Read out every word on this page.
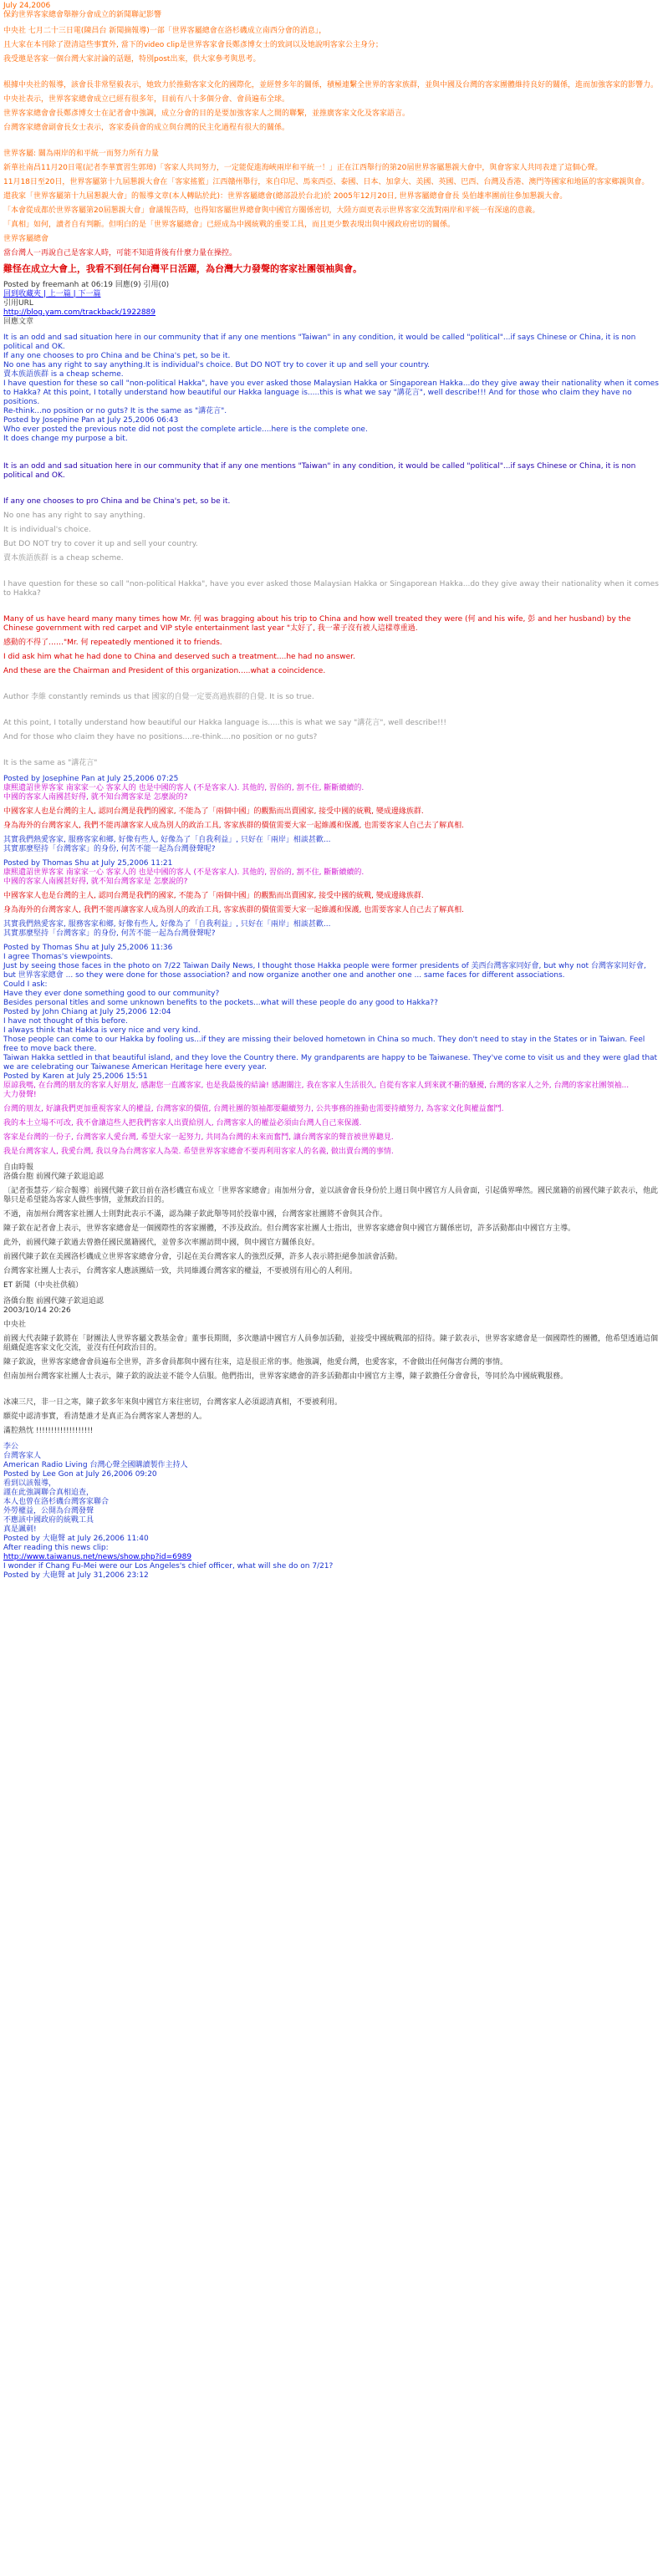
July 24,2006
保釣世界客家總會舉辦分會成立的新聞聯記影響

中央社 七月二十三日電(陳昌台 新聞摘報導)一部「世界客屬總會在洛杉磯成立南西分會的消息」，

且大家在本刊除了澄清這些事實外, 當下的video clip是世界客家會長鄭彥博女士的致詞以及她說明客家公主身分；

我受邀是客家一個台灣大家討論的話題，特別post出來，供大家參考與思考。

根據中央社的報導，該會長非常堅毅表示，她致力於推動客家文化的國際化，並經營多年的關係，積極連繫全世界的客家族群，並與中國及台灣的客家團體維持良好的關係，進而加強客家的影響力。

中央社表示，世界客家總會成立已經有很多年，目前有八十多個分會、會員遍布全球。

世界客家總會會長鄭彥博女士在記者會中強調，成立分會的目的是要加強客家人之間的聯繫，並推廣客家文化及客家語言。

台灣客家總會副會長女士表示，客家委員會的成立與台灣的民主化過程有很大的關係。

世界客屬: 關為兩岸的和平統一而努力所有力量

新華社南昌11月20日電(記者李華實習生郭璋)「客家人共同努力，一定能促進海峽兩岸和平統一！」正在江西舉行的第20屆世界客屬懇親大會中，與會客家人共同表達了這個心聲。

11月18日至20日，世界客屬第十九屆懇親大會在「客家搖籃」江西贛州舉行，來自印尼、馬來西亞、泰國、日本、加拿大、美國、英國、巴西、台灣及香港、澳門等國家和地區的客家鄉親與會。

還我家「世界客屬第十九屆懇親大會」的報導文章(本人轉貼於此)：世界客屬總會(總部設於台北)於 2005年12月20日, 世界客屬總會會長 吳伯雄率團前往參加懇親大會。

「本會從成都於世界客屬第20屆懇親大會」會議報告時，也得知客屬世界總會與中國官方關係密切，大陸方面更表示世界客家交流對兩岸和平統一有深遠的意義。

「真相」如何，讀者自有判斷。但明白的是「世界客屬總會」已經成為中國統戰的重要工具，而且更少數表現出與中國政府密切的關係。

世界客屬總會

當台灣人一再說自己是客家人時，可能不知道背後有什麼力量在操控。

難怪在成立大會上，我看不到任何台灣平日活躍，為台灣大力發聲的客家社團領袖與會。

Posted by freemanh at 06:19 回應(9) 引用(0)
回到收藏夾 | 上一篇 | 下一篇
引用URL
http://blog.yam.com/trackback/1922889
回應文章
It is an odd and sad situation here in our community that if any one mentions "Taiwan" in any condition, it would be called "political"...if says Chinese or China, it is non political and OK.
If any one chooses to pro China and be China's pet, so be it.
No one has any right to say anything.It is individual's choice. But DO NOT try to cover it up and sell your country.
賣本族語族群 is a cheap scheme.
I have question for these so call "non-political Hakka", have you ever asked those Malaysian Hakka or Singaporean Hakka...do they give away their nationality when it comes to Hakka? At this point, I totally understand how beautiful our Hakka language is.....this is what we say "講花言", well describe!!! And for those who claim they have no positions.
Re-think...no position or no guts? It is the same as "講花言".
Posted by Josephine Pan at July 25,2006 06:43
Who ever posted the previous note did not post the complete article....here is the complete one.
It does change my purpose a bit.

It is an odd and sad situation here in our community that if any one mentions "Taiwan" in any condition, it would be called "political"...if says Chinese or China, it is non political and OK.

If any one chooses to pro China and be China's pet, so be it.

No one has any right to say anything.

It is individual's choice.

But DO NOT try to cover it up and sell your country.

賣本族語族群 is a cheap scheme.

I have question for these so call "non-political Hakka", have you ever asked those Malaysian Hakka or Singaporean Hakka...do they give away their nationality when it comes to Hakka?

Many of us have heard many many times how Mr. 何 was bragging about his trip to China and how well treated they were (何 and his wife, 彭 and her husband) by the Chinese government with red carpet and VIP style entertainment last year "太好了, 我一輩子沒有被人這樣尊重過.

感動的不得了……"Mr. 何 repeatedly mentioned it to friends.

I did ask him what he had done to China and deserved such a treatment....he had no answer.

And these are the Chairman and President of this organization.....what a coincidence.

Author 李維 constantly reminds us that 國家的自覺一定要高過族群的自覺. It is so true.

At this point, I totally understand how beautiful our Hakka language is.....this is what we say "講花言", well describe!!!

And for those who claim they have no positions....re-think....no position or no guts?

It is the same as "講花言"

Posted by Josephine Pan at July 25,2006 07:25
康熙遺詔世界客家 南家家一心 客家人的 也是中國的客人 (不是客家人). 其他的, 習俗的, 割不住, 斷斷續續的.
中國的客家人南國甚好得, 就不知台灣客家是 怎麼說的?

中國客家人也是台灣的主人, 認同台灣是我們的國家, 不能為了「兩個中國」的觀點而出賣國家, 接受中國的統戰, 變成邊緣族群.

身為海外的台灣客家人, 我們不能再讓客家人成為別人的政治工具, 客家族群的價值需要大家一起維護和保護, 也需要客家人自己去了解真相.

其實我們熱愛客家, 服務客家和鄉, 好像有些人, 好像為了「自我利益」, 只好在「兩岸」相談甚歡...
其實那麼堅持「台灣客家」的身份, 何苦不能一起為台灣發聲呢?

Posted by Thomas Shu at July 25,2006 11:21
康熙遺詔世界客家 南家家一心 客家人的 也是中國的客人 (不是客家人). 其他的, 習俗的, 割不住, 斷斷續續的.
中國的客家人南國甚好得, 就不知台灣客家是 怎麼說的?

中國客家人也是台灣的主人, 認同台灣是我們的國家, 不能為了「兩個中國」的觀點而出賣國家, 接受中國的統戰, 變成邊緣族群.

身為海外的台灣客家人, 我們不能再讓客家人成為別人的政治工具, 客家族群的價值需要大家一起維護和保護, 也需要客家人自己去了解真相.

其實我們熱愛客家, 服務客家和鄉, 好像有些人, 好像為了「自我利益」, 只好在「兩岸」相談甚歡...
其實那麼堅持「台灣客家」的身份, 何苦不能一起為台灣發聲呢?

Posted by Thomas Shu at July 25,2006 11:36
I agree Thomas's viewpoints.
Just by seeing those faces in the photo on 7/22 Taiwan Daily News, I thought those Hakka people were former presidents of 美西台灣客家同好會, but why not 台灣客家同好會, but 世界客家總會 ... so they were done for those association? and now organize another one and another one ... same faces for different associations.
Could I ask:
Have they ever done something good to our community?
Besides personal titles and some unknown benefits to the pockets...what will these people do any good to Hakka??
Posted by John Chiang at July 25,2006 12:04
I have not thought of this before.
I always think that Hakka is very nice and very kind.
Those people can come to our Hakka by fooling us...if they are missing their beloved hometown in China so much. They don't need to stay in the States or in Taiwan. Feel free to move back there.
Taiwan Hakka settled in that beautiful island, and they love the Country there. My grandparents are happy to be Taiwanese. They've come to visit us and they were glad that we are celebrating our Taiwanese American Heritage here every year.
Posted by Karen at July 25,2006 15:51
原諒我嗎, 在台灣的朋友的客家人好朋友, 感謝您一直護客家, 也是我最後的結論! 感謝關注, 我在客家人生活很久, 自從有客家人到來就不斷的騷擾, 台灣的客家人之外, 台灣的客家社團領袖...
大力發聲!

台灣的朋友, 好讓我們更加重視客家人的權益, 台灣客家的價值, 台灣社團的領袖都要繼續努力, 公共事務的推動也需要持續努力, 為客家文化與權益奮鬥.

我的本土立場不可改, 我不會讓這些人把我們客家人出賣給別人, 台灣客家人的權益必須由台灣人自己來保護.

客家是台灣的一份子, 台灣客家人愛台灣, 希望大家一起努力, 共同為台灣的未來而奮鬥, 讓台灣客家的聲音被世界聽見.

我是台灣客家人, 我愛台灣, 我以身為台灣客家人為榮. 希望世界客家總會不要再利用客家人的名義, 做出賣台灣的事情.
自由時報
洛僑台胞 前國代陳子欽退追認

〔記者張慧芬／綜合報導〕前國代陳子欽日前在洛杉磯宣布成立「世界客家總會」南加州分會，並以該會會長身份於上週日與中國官方人員會面，引起僑界嘩然。國民黨籍的前國代陳子欽表示，他此舉只是希望能為客家人做些事情，並無政治目的。

不過，南加州台灣客家社團人士則對此表示不滿，認為陳子欽此舉等同於投靠中國，台灣客家社團將不會與其合作。

陳子欽在記者會上表示，世界客家總會是一個國際性的客家團體，不涉及政治。但台灣客家社團人士指出，世界客家總會與中國官方關係密切，許多活動都由中國官方主導。

此外，前國代陳子欽過去曾擔任國民黨籍國代，並曾多次率團訪問中國，與中國官方關係良好。

前國代陳子欽在美國洛杉磯成立世界客家總會分會，引起在美台灣客家人的強烈反彈，許多人表示將拒絕參加該會活動。

台灣客家社團人士表示，台灣客家人應該團結一致，共同維護台灣客家的權益，不要被別有用心的人利用。

ET 新聞（中央社供稿）

洛僑台胞 前國代陳子欽退追認
2003/10/14 20:26

中央社

前國大代表陳子欽將在「財團法人世界客屬文教基金會」董事長期間，多次邀請中國官方人員參加活動，並接受中國統戰部的招待。陳子欽表示，世界客家總會是一個國際性的團體，他希望透過這個組織促進客家文化交流，並沒有任何政治目的。

陳子欽說，世界客家總會會員遍布全世界，許多會員都與中國有往來，這是很正常的事。他強調，他愛台灣，也愛客家，不會做出任何傷害台灣的事情。

但南加州台灣客家社團人士表示，陳子欽的說法並不能令人信服。他們指出，世界客家總會的許多活動都由中國官方主導，陳子欽擔任分會會長，等同於為中國統戰服務。

冰凍三尺，非一日之寒，陳子欽多年來與中國官方來往密切，台灣客家人必須認清真相，不要被利用。

願從中認清事實，看清楚誰才是真正為台灣客家人著想的人。

滿腔熱忱 !!!!!!!!!!!!!!!!!!!

李公
台灣客家人
American Radio Living 台灣心聲全國購讀製作主持人
Posted by Lee Gon at July 26,2006 09:20
看到以該報導，
謹在此強調聯合真相追查，
本人也曾在洛杉磯台灣客家聯合
外勞權益，公開為台灣發聲
不應該中國政府的統戰工具
真是諷刺!
Posted by 大砲聲 at July 26,2006 11:40
After reading this news clip:
http://www.taiwanus.net/news/show.php?id=6989
I wonder if Chang Fu-Mei were our Los Angeles's chief officer, what will she do on 7/21?
Posted by 大砲聲 at July 31,2006 23:12
